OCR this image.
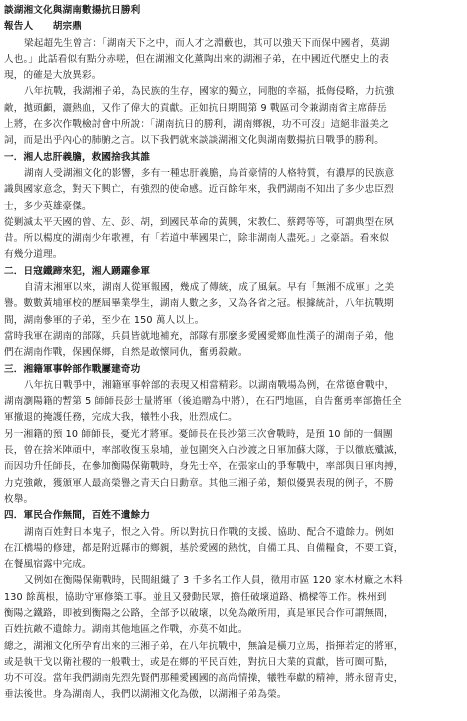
談湖湘文化與湖南數揚抗日勝利
報告人　　胡宗鼎
梁起超先生曾言：「湖南天下之中，而人才之淵藪也，其可以強天下而保中國者，莫湖
人也。」此話看似有點分赤嗟，但在湖湘文化薰陶出來的湖湘子弟，在中國近代歷史上的表
現，的確是大放異彩。
八年抗戰，我湖湘子弟，為民族的生存，國家的獨立，同胞的幸福，抵侮侵略，力抗強
敵，拋頭顱，灑熱血，又作了偉大的貢獻。正如抗日期間第 9 戰區司令兼湖南省主席薛岳
上將，在多次作戰檢討會中所說：「湖南抗日的勝利，湖南鄉親，功不可沒」這絕非溢美之
詞，而是出乎內心的肺腑之言。以下我們就來談談湖湘文化與湖南數揚抗日戰爭的勝利。
一．湘人忠肝義膽，救國捨我其誰
湖南人受湖湘文化的影響，多有一種忠肝義膽，烏首豪情的人格特質，有濃厚的民族意
識與國家意念，對天下興亡，有強烈的使命感。近百餘年來，我們湖南不知出了多少忠臣烈
士，多少英雄豪傑。
從剿滅太平天國的曾、左、彭、胡，到國民革命的黃興，宋教仁、蔡鍔等等，可謂典型在夙
昔。所以楊度的湖南少年歌裡，有「若道中華國果亡，除非湖南人盡死。」之豪語。看來似
有幾分道理。
二．日寇鐵蹄來犯，湘人踴躍參軍
自清末湘軍以來，湖南人從軍報國，幾成了傳統，成了風氣。早有「無湘不成軍」之美
譽。數數黃埔軍校的歷屆畢業學生，湖南人數之多，又為各省之冠。根據統計，八年抗戰期
間，湖南參軍的子弟，至少在 150 萬人以上。
當時我軍在湖南的部隊，兵員皆就地補充，部隊有那麼多愛國愛鄉血性漢子的湖南子弟，他
們在湖南作戰，保國保鄉，自然是敢懷同仇，奮勇殺敵。
三．湘籍軍事幹部作戰屢建奇功
八年抗日戰爭中，湘籍軍事幹部的表現又相當精彩。以湖南戰場為例，在常德會戰中，
湖南瀏陽籍的暫第 5 師師長彭士量將軍（後追贈為中將），在石門地區，自告奮勇率部擔任全
軍撤退的掩護任務，完成大我，犧牲小我，壯烈成仁。
另一湘籍的預 10 師師長，憂光才將軍。憂師長在長沙第三次會戰時，是預 10 師的一個團
長，曾在捨米陣頑中，率部收復玉泉埔，並包圍突入白沙渡之日軍加蘇大隊，于以徹底殲滅，
而因功升任師長，在參加衡陽保衛戰時，身先士卒，在張家山的爭奪戰中，率部與日軍肉搏，
力克強敵，獲頒軍人最高榮譽之青天白日勳章。其他三湘子弟，類似優異表現的例子，不勝
枚舉。
四．軍民合作無間，百姓不遺餘力
湖南百姓對日本鬼子，恨之入骨。所以對抗日作戰的支援、協助、配合不遺餘力。例如
在江橋場的修建，都是附近縣市的鄉親，基於愛國的熱忱，自備工具、自備糧食，不要工資，
在餐風宿露中完成。
又例如在衡陽保衛戰時，民間組織了 3 千多名工作人員，徵用市區 120 家木材廠之木料
130 餘萬根，協助守軍修築工事。並且又發動民眾，擔任破壞道路、橋樑等工作。株州到
衡陽之鐵路，即被到衡陽之公路，全部予以破壞，以免為敵所用，真是軍民合作可謂無間，
百姓抗敵不遺餘力。湖南其他地區之作戰，亦莫不如此。
總之，湖湘文化所孕育出來的三湘子弟，在八年抗戰中，無論是橫刀立馬，指揮若定的將軍，
或是執干戈以衛社稷的一般戰士，或是在鄉的平民百姓，對抗日大業的貢獻，皆可圈可點，
功不可沒。當年我們湖南先烈先賢們那種愛國國的高尚情操，犧牲奉獻的精神，將永留青史，
垂法後世。身為湖南人，我們以湖湘文化為傲，以湖湘子弟為榮。
